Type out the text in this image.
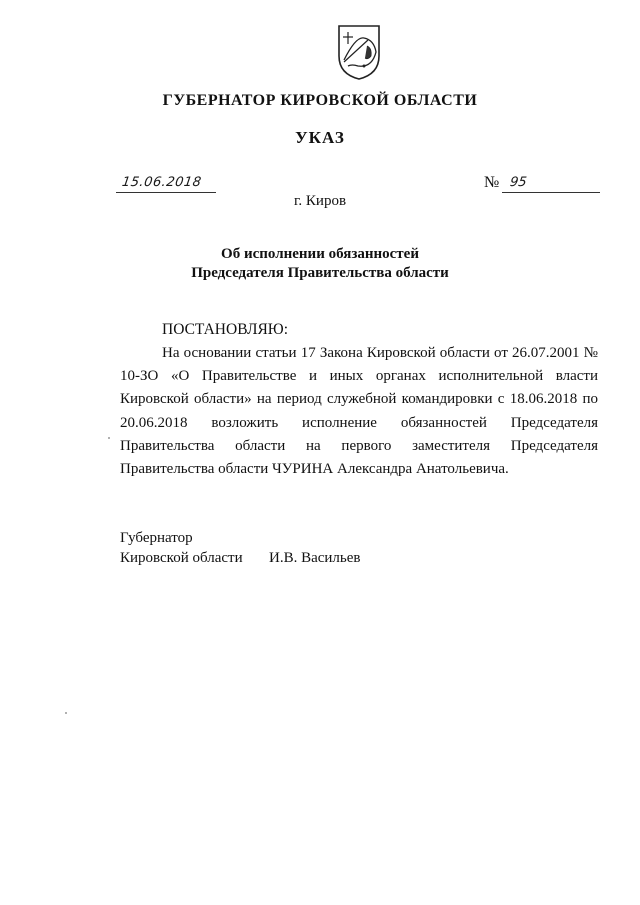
ГУБЕРНАТОР КИРОВСКОЙ ОБЛАСТИ
УКАЗ
15.06.2018	№ 95
г. Киров
Об исполнении обязанностей
Председателя Правительства области
ПОСТАНОВЛЯЮ:
На основании статьи 17 Закона Кировской области от 26.07.2001 № 10-ЗО «О Правительстве и иных органах исполнительной власти Кировской области» на период служебной командировки с 18.06.2018 по 20.06.2018 возложить исполнение обязанностей Председателя Правительства области на первого заместителя Председателя Правительства области ЧУРИНА Александра Анатольевича.
Губернатор
Кировской области И.В. Васильев
